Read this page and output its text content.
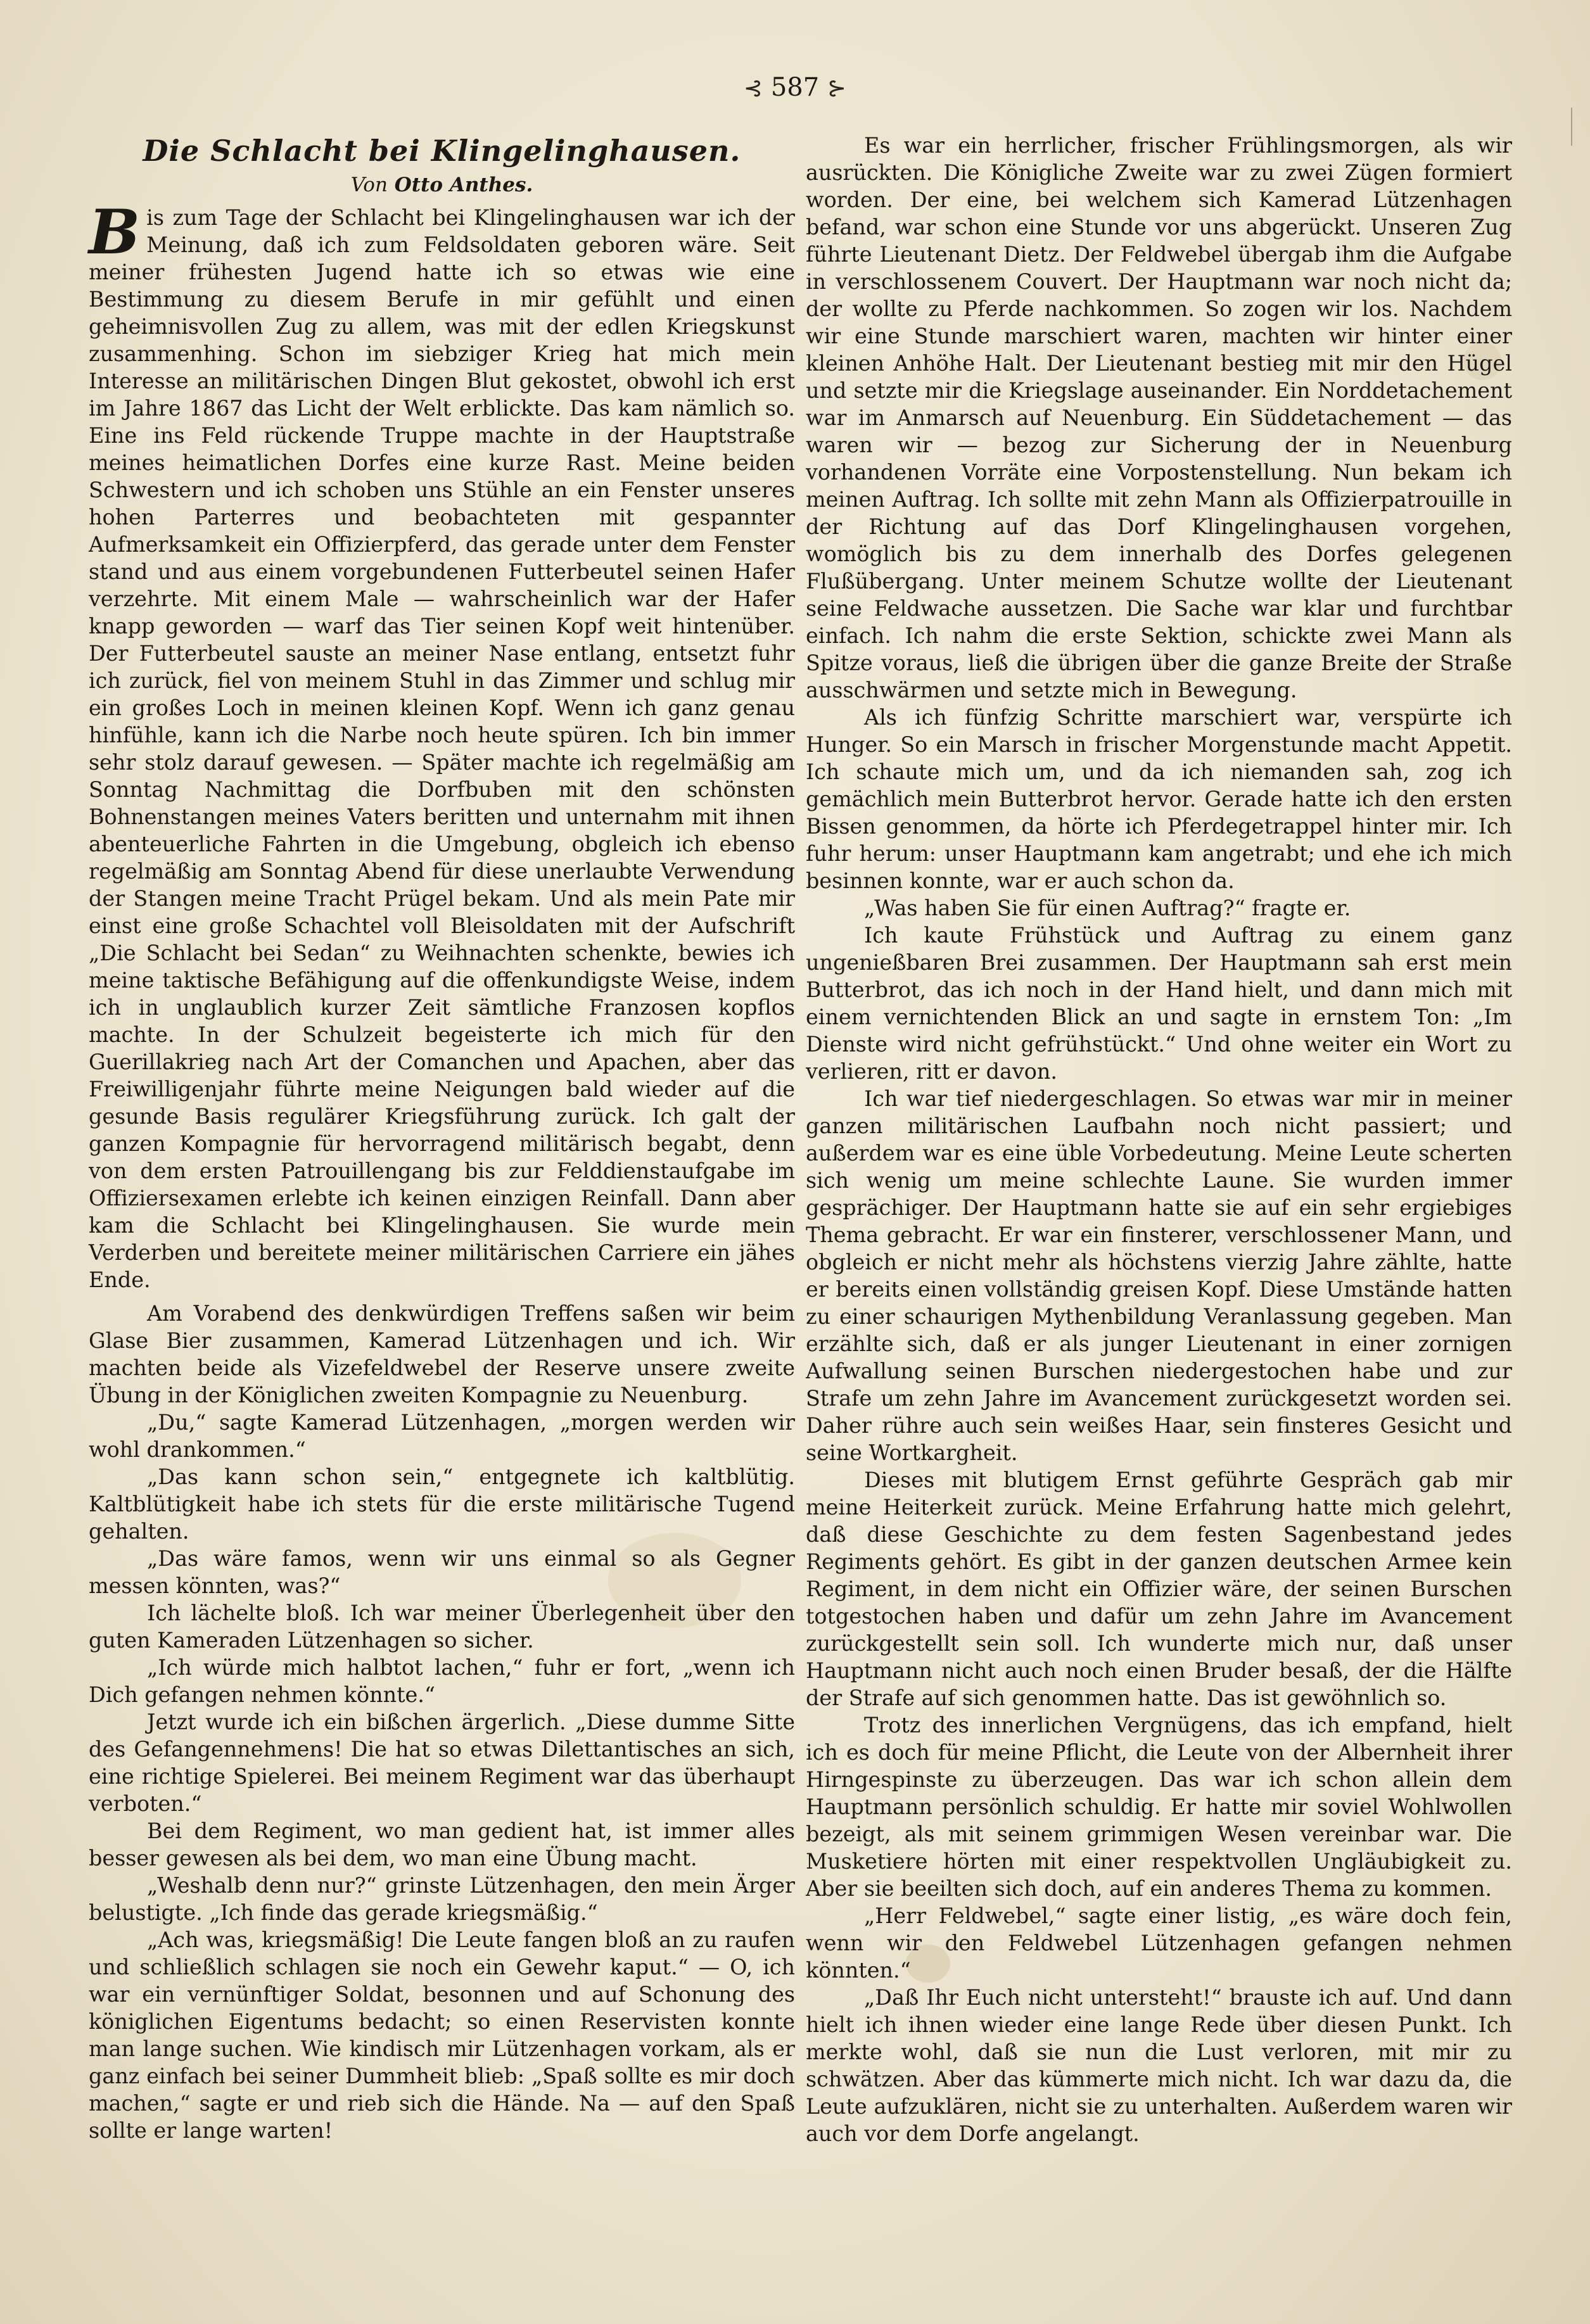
⊰ 587 ⊱
Die Schlacht bei Klingelinghausen.
Von Otto Anthes.

Bis zum Tage der Schlacht bei Klingelinghausen war ich der Meinung, daß ich zum Feldsoldaten geboren wäre. Seit meiner frühesten Jugend hatte ich so etwas wie eine Bestimmung zu diesem Berufe in mir gefühlt und einen geheimnisvollen Zug zu allem, was mit der edlen Kriegskunst zusammenhing. Schon im siebziger Krieg hat mich mein Interesse an militärischen Dingen Blut gekostet, obwohl ich erst im Jahre 1867 das Licht der Welt erblickte. Das kam nämlich so. Eine ins Feld rückende Truppe machte in der Hauptstraße meines heimatlichen Dorfes eine kurze Rast. Meine beiden Schwestern und ich schoben uns Stühle an ein Fenster unseres hohen Parterres und beobachteten mit gespannter Aufmerksamkeit ein Offizierpferd, das gerade unter dem Fenster stand und aus einem vorgebundenen Futterbeutel seinen Hafer verzehrte. Mit einem Male — wahrscheinlich war der Hafer knapp geworden — warf das Tier seinen Kopf weit hintenüber. Der Futterbeutel sauste an meiner Nase entlang, entsetzt fuhr ich zurück, fiel von meinem Stuhl in das Zimmer und schlug mir ein großes Loch in meinen kleinen Kopf. Wenn ich ganz genau hinfühle, kann ich die Narbe noch heute spüren. Ich bin immer sehr stolz darauf gewesen. — Später machte ich regelmäßig am Sonntag Nachmittag die Dorfbuben mit den schönsten Bohnenstangen meines Vaters beritten und unternahm mit ihnen abenteuerliche Fahrten in die Umgebung, obgleich ich ebenso regelmäßig am Sonntag Abend für diese unerlaubte Verwendung der Stangen meine Tracht Prügel bekam. Und als mein Pate mir einst eine große Schachtel voll Bleisoldaten mit der Aufschrift „Die Schlacht bei Sedan“ zu Weihnachten schenkte, bewies ich meine taktische Befähigung auf die offenkundigste Weise, indem ich in unglaublich kurzer Zeit sämtliche Franzosen kopflos machte. In der Schulzeit begeisterte ich mich für den Guerillakrieg nach Art der Comanchen und Apachen, aber das Freiwilligenjahr führte meine Neigungen bald wieder auf die gesunde Basis regulärer Kriegsführung zurück. Ich galt der ganzen Kompagnie für hervorragend militärisch begabt, denn von dem ersten Patrouillengang bis zur Felddienstaufgabe im Offiziersexamen erlebte ich keinen einzigen Reinfall. Dann aber kam die Schlacht bei Klingelinghausen. Sie wurde mein Verderben und bereitete meiner militärischen Carriere ein jähes Ende.

Am Vorabend des denkwürdigen Treffens saßen wir beim Glase Bier zusammen, Kamerad Lützenhagen und ich. Wir machten beide als Vizefeldwebel der Reserve unsere zweite Übung in der Königlichen zweiten Kompagnie zu Neuenburg.

„Du,“ sagte Kamerad Lützenhagen, „morgen werden wir wohl drankommen.“

„Das kann schon sein,“ entgegnete ich kaltblütig. Kaltblütigkeit habe ich stets für die erste militärische Tugend gehalten.

„Das wäre famos, wenn wir uns einmal so als Gegner messen könnten, was?“

Ich lächelte bloß. Ich war meiner Überlegenheit über den guten Kameraden Lützenhagen so sicher.

„Ich würde mich halbtot lachen,“ fuhr er fort, „wenn ich Dich gefangen nehmen könnte.“

Jetzt wurde ich ein bißchen ärgerlich. „Diese dumme Sitte des Gefangennehmens! Die hat so etwas Dilettantisches an sich, eine richtige Spielerei. Bei meinem Regiment war das überhaupt verboten.“

Bei dem Regiment, wo man gedient hat, ist immer alles besser gewesen als bei dem, wo man eine Übung macht.

„Weshalb denn nur?“ grinste Lützenhagen, den mein Ärger belustigte. „Ich finde das gerade kriegsmäßig.“

„Ach was, kriegsmäßig! Die Leute fangen bloß an zu raufen und schließlich schlagen sie noch ein Gewehr kaput.“ — O, ich war ein vernünftiger Soldat, besonnen und auf Schonung des königlichen Eigentums bedacht; so einen Reservisten konnte man lange suchen. Wie kindisch mir Lützenhagen vorkam, als er ganz einfach bei seiner Dummheit blieb: „Spaß sollte es mir doch machen,“ sagte er und rieb sich die Hände. Na — auf den Spaß sollte er lange warten!

Es war ein herrlicher, frischer Frühlingsmorgen, als wir ausrückten. Die Königliche Zweite war zu zwei Zügen formiert worden. Der eine, bei welchem sich Kamerad Lützenhagen befand, war schon eine Stunde vor uns abgerückt. Unseren Zug führte Lieutenant Dietz. Der Feldwebel übergab ihm die Aufgabe in verschlossenem Couvert. Der Hauptmann war noch nicht da; der wollte zu Pferde nachkommen. So zogen wir los. Nachdem wir eine Stunde marschiert waren, machten wir hinter einer kleinen Anhöhe Halt. Der Lieutenant bestieg mit mir den Hügel und setzte mir die Kriegslage auseinander. Ein Norddetachement war im Anmarsch auf Neuenburg. Ein Süddetachement — das waren wir — bezog zur Sicherung der in Neuenburg vorhandenen Vorräte eine Vorpostenstellung. Nun bekam ich meinen Auftrag. Ich sollte mit zehn Mann als Offizierpatrouille in der Richtung auf das Dorf Klingelinghausen vorgehen, womöglich bis zu dem innerhalb des Dorfes gelegenen Flußübergang. Unter meinem Schutze wollte der Lieutenant seine Feldwache aussetzen. Die Sache war klar und furchtbar einfach. Ich nahm die erste Sektion, schickte zwei Mann als Spitze voraus, ließ die übrigen über die ganze Breite der Straße ausschwärmen und setzte mich in Bewegung.

Als ich fünfzig Schritte marschiert war, verspürte ich Hunger. So ein Marsch in frischer Morgenstunde macht Appetit. Ich schaute mich um, und da ich niemanden sah, zog ich gemächlich mein Butterbrot hervor. Gerade hatte ich den ersten Bissen genommen, da hörte ich Pferdegetrappel hinter mir. Ich fuhr herum: unser Hauptmann kam angetrabt; und ehe ich mich besinnen konnte, war er auch schon da.

„Was haben Sie für einen Auftrag?“ fragte er.

Ich kaute Frühstück und Auftrag zu einem ganz ungenießbaren Brei zusammen. Der Hauptmann sah erst mein Butterbrot, das ich noch in der Hand hielt, und dann mich mit einem vernichtenden Blick an und sagte in ernstem Ton: „Im Dienste wird nicht gefrühstückt.“ Und ohne weiter ein Wort zu verlieren, ritt er davon.

Ich war tief niedergeschlagen. So etwas war mir in meiner ganzen militärischen Laufbahn noch nicht passiert; und außerdem war es eine üble Vorbedeutung. Meine Leute scherten sich wenig um meine schlechte Laune. Sie wurden immer gesprächiger. Der Hauptmann hatte sie auf ein sehr ergiebiges Thema gebracht. Er war ein finsterer, verschlossener Mann, und obgleich er nicht mehr als höchstens vierzig Jahre zählte, hatte er bereits einen vollständig greisen Kopf. Diese Umstände hatten zu einer schaurigen Mythenbildung Veranlassung gegeben. Man erzählte sich, daß er als junger Lieutenant in einer zornigen Aufwallung seinen Burschen niedergestochen habe und zur Strafe um zehn Jahre im Avancement zurückgesetzt worden sei. Daher rühre auch sein weißes Haar, sein finsteres Gesicht und seine Wortkargheit.

Dieses mit blutigem Ernst geführte Gespräch gab mir meine Heiterkeit zurück. Meine Erfahrung hatte mich gelehrt, daß diese Geschichte zu dem festen Sagenbestand jedes Regiments gehört. Es gibt in der ganzen deutschen Armee kein Regiment, in dem nicht ein Offizier wäre, der seinen Burschen totgestochen haben und dafür um zehn Jahre im Avancement zurückgestellt sein soll. Ich wunderte mich nur, daß unser Hauptmann nicht auch noch einen Bruder besaß, der die Hälfte der Strafe auf sich genommen hatte. Das ist gewöhnlich so.

Trotz des innerlichen Vergnügens, das ich empfand, hielt ich es doch für meine Pflicht, die Leute von der Albernheit ihrer Hirngespinste zu überzeugen. Das war ich schon allein dem Hauptmann persönlich schuldig. Er hatte mir soviel Wohlwollen bezeigt, als mit seinem grimmigen Wesen vereinbar war. Die Musketiere hörten mit einer respektvollen Ungläubigkeit zu. Aber sie beeilten sich doch, auf ein anderes Thema zu kommen.

„Herr Feldwebel,“ sagte einer listig, „es wäre doch fein, wenn wir den Feldwebel Lützenhagen gefangen nehmen könnten.“

„Daß Ihr Euch nicht untersteht!“ brauste ich auf. Und dann hielt ich ihnen wieder eine lange Rede über diesen Punkt. Ich merkte wohl, daß sie nun die Lust verloren, mit mir zu schwätzen. Aber das kümmerte mich nicht. Ich war dazu da, die Leute aufzuklären, nicht sie zu unterhalten. Außerdem waren wir auch vor dem Dorfe angelangt.
